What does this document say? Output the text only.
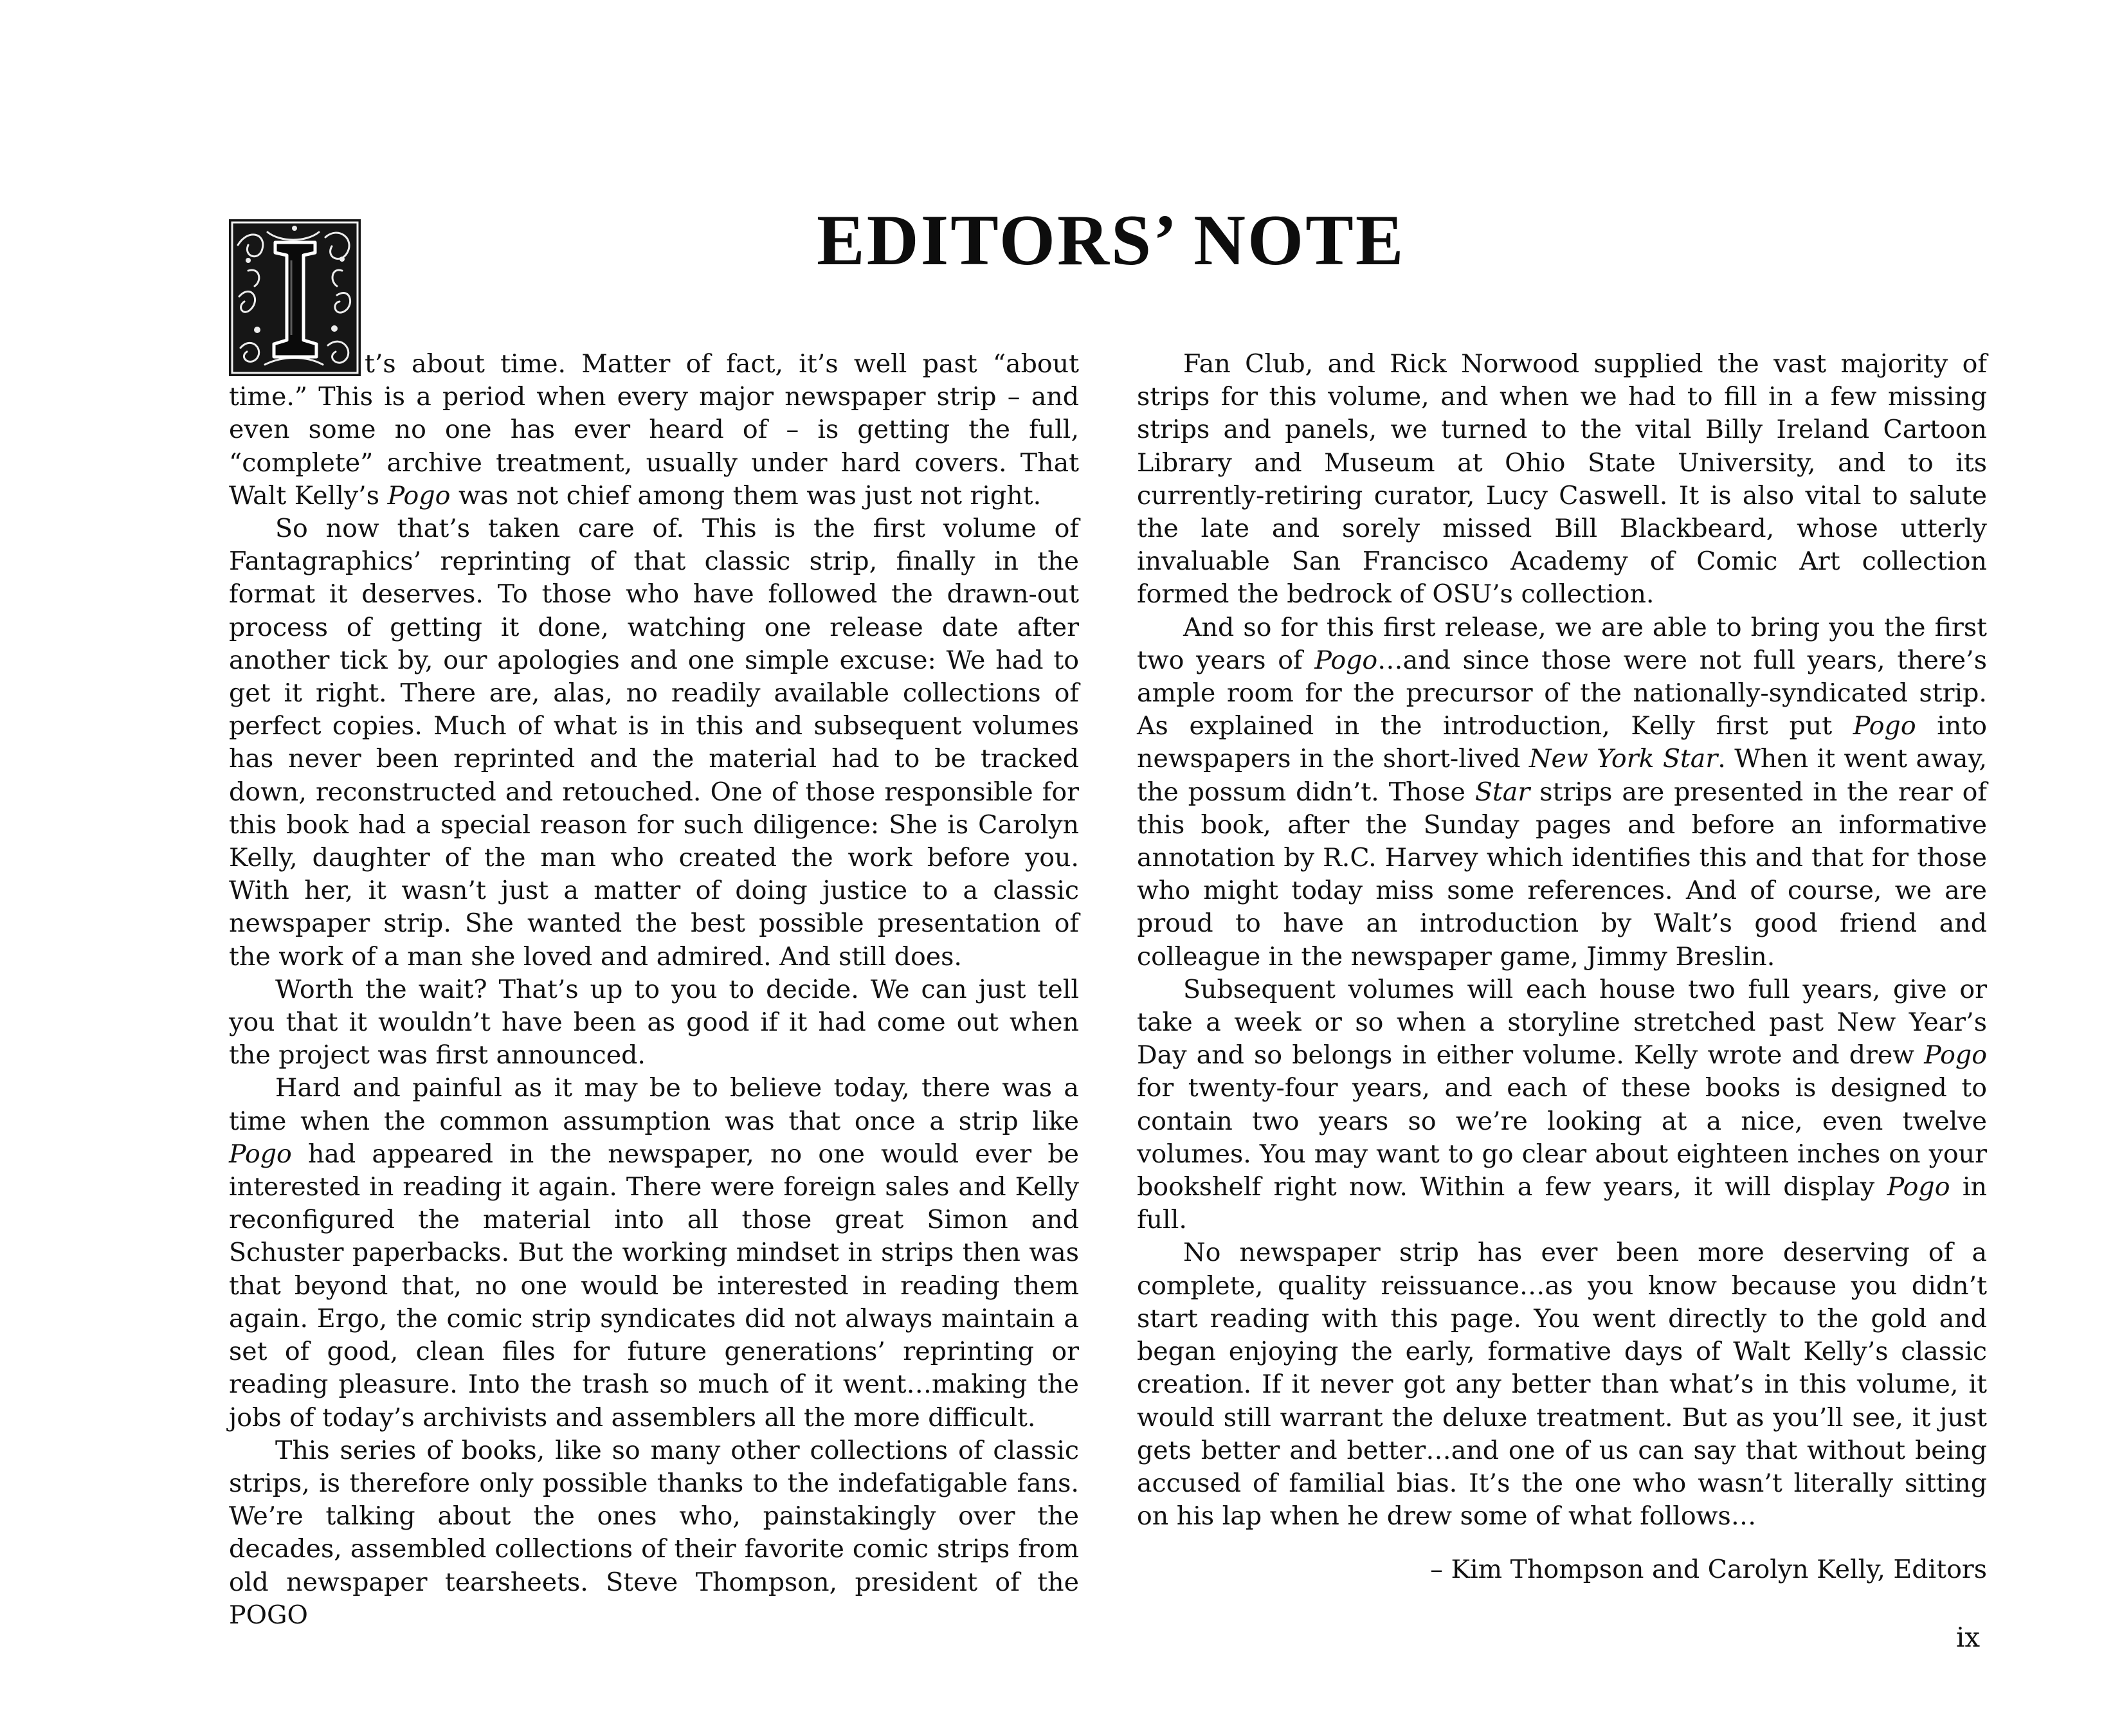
EDITORS’ NOTE

t’s about time. Matter of fact, it’s well past “about time.” This is a period when every major newspaper strip – and even some no one has ever heard of – is getting the full, “complete” archive treatment, usually under hard covers. That Walt Kelly’s Pogo was not chief among them was just not right.

So now that’s taken care of. This is the first volume of Fantagraphics’ reprinting of that classic strip, finally in the format it deserves. To those who have followed the drawn-out process of getting it done, watching one release date after another tick by, our apologies and one simple excuse: We had to get it right. There are, alas, no readily available collections of perfect copies. Much of what is in this and subsequent volumes has never been reprinted and the material had to be tracked down, reconstructed and retouched. One of those responsible for this book had a special reason for such diligence: She is Carolyn Kelly, daughter of the man who created the work before you. With her, it wasn’t just a matter of doing justice to a classic newspaper strip. She wanted the best possible presentation of the work of a man she loved and admired. And still does.

Worth the wait? That’s up to you to decide. We can just tell you that it wouldn’t have been as good if it had come out when the project was first announced.

Hard and painful as it may be to believe today, there was a time when the common assumption was that once a strip like Pogo had appeared in the newspaper, no one would ever be interested in reading it again. There were foreign sales and Kelly reconfigured the material into all those great Simon and Schuster paperbacks. But the working mindset in strips then was that beyond that, no one would be interested in reading them again. Ergo, the comic strip syndicates did not always maintain a set of good, clean files for future generations’ reprinting or reading pleasure. Into the trash so much of it went…making the jobs of today’s archivists and assemblers all the more difficult.

This series of books, like so many other collections of classic strips, is therefore only possible thanks to the indefatigable fans. We’re talking about the ones who, painstakingly over the decades, assembled collections of their favorite comic strips from old newspaper tearsheets. Steve Thompson, president of the POGO

Fan Club, and Rick Norwood supplied the vast majority of strips for this volume, and when we had to fill in a few missing strips and panels, we turned to the vital Billy Ireland Cartoon Library and Museum at Ohio State University, and to its currently-retiring curator, Lucy Caswell. It is also vital to salute the late and sorely missed Bill Blackbeard, whose utterly invaluable San Francisco Academy of Comic Art collection formed the bedrock of OSU’s collection.

And so for this first release, we are able to bring you the first two years of Pogo…and since those were not full years, there’s ample room for the precursor of the nationally-syndicated strip. As explained in the introduction, Kelly first put Pogo into newspapers in the short-lived New York Star. When it went away, the possum didn’t. Those Star strips are presented in the rear of this book, after the Sunday pages and before an informative annotation by R.C. Harvey which identifies this and that for those who might today miss some references. And of course, we are proud to have an introduction by Walt’s good friend and colleague in the newspaper game, Jimmy Breslin.

Subsequent volumes will each house two full years, give or take a week or so when a storyline stretched past New Year’s Day and so belongs in either volume. Kelly wrote and drew Pogo for twenty-four years, and each of these books is designed to contain two years so we’re looking at a nice, even twelve volumes. You may want to go clear about eighteen inches on your bookshelf right now. Within a few years, it will display Pogo in full.

No newspaper strip has ever been more deserving of a complete, quality reissuance…as you know because you didn’t start reading with this page. You went directly to the gold and began enjoying the early, formative days of Walt Kelly’s classic creation. If it never got any better than what’s in this volume, it would still warrant the deluxe treatment. But as you’ll see, it just gets better and better…and one of us can say that without being accused of familial bias. It’s the one who wasn’t literally sitting on his lap when he drew some of what follows…

– Kim Thompson and Carolyn Kelly, Editors

ix
